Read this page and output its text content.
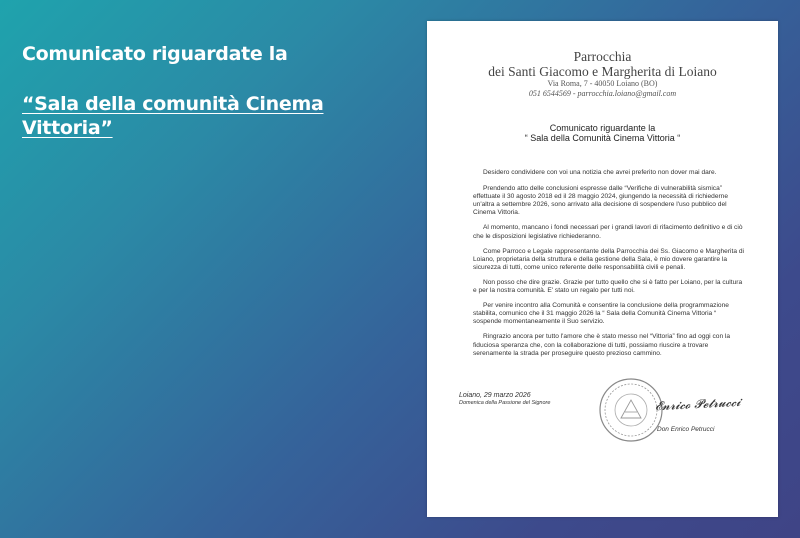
Comunicato riguardate la
“Sala della comunità Cinema Vittoria”
Parrocchia
dei Santi Giacomo e Margherita di Loiano
Via Roma, 7 - 40050 Loiano (BO)
051 6544569 - parrocchia.loiano@gmail.com
Comunicato riguardante la
“ Sala della Comunità Cinema Vittoria “

Desidero condividere con voi una notizia che avrei preferito non dover mai dare.

Prendendo atto delle conclusioni espresse dalle “Verifiche di vulnerabilità sismica” effettuate il 30 agosto 2018 ed il 28 maggio 2024, giungendo la necessità di richiederne un'altra a settembre 2026, sono arrivato alla decisione di sospendere l'uso pubblico del Cinema Vittoria.

Al momento, mancano i fondi necessari per i grandi lavori di rifacimento definitivo e di ciò che le disposizioni legislative richiederanno.

Come Parroco e Legale rappresentante della Parrocchia dei Ss. Giacomo e Margherita di Loiano, proprietaria della struttura e della gestione della Sala, è mio dovere garantire la sicurezza di tutti, come unico referente delle responsabilità civili e penali.

Non posso che dire grazie. Grazie per tutto quello che si è fatto per Loiano, per la cultura e per la nostra comunità. E' stato un regalo per tutti noi.

Per venire incontro alla Comunità e consentire la conclusione della programmazione stabilita, comunico che il 31 maggio 2026 la “ Sala della Comunità Cinema Vittoria “ sospende momentaneamente il Suo servizio.

Ringrazio ancora per tutto l'amore che è stato messo nel “Vittoria” fino ad oggi con la fiduciosa speranza che, con la collaborazione di tutti, possiamo riuscire a trovare serenamente la strada per proseguire questo prezioso cammino.

Loiano, 29 marzo 2026
Domenica della Passione del Signore	𝓔𝓷𝓻𝓲𝓬𝓸 𝓟𝓮𝓽𝓻𝓾𝓬𝓬𝓲
Don Enrico Petrucci
